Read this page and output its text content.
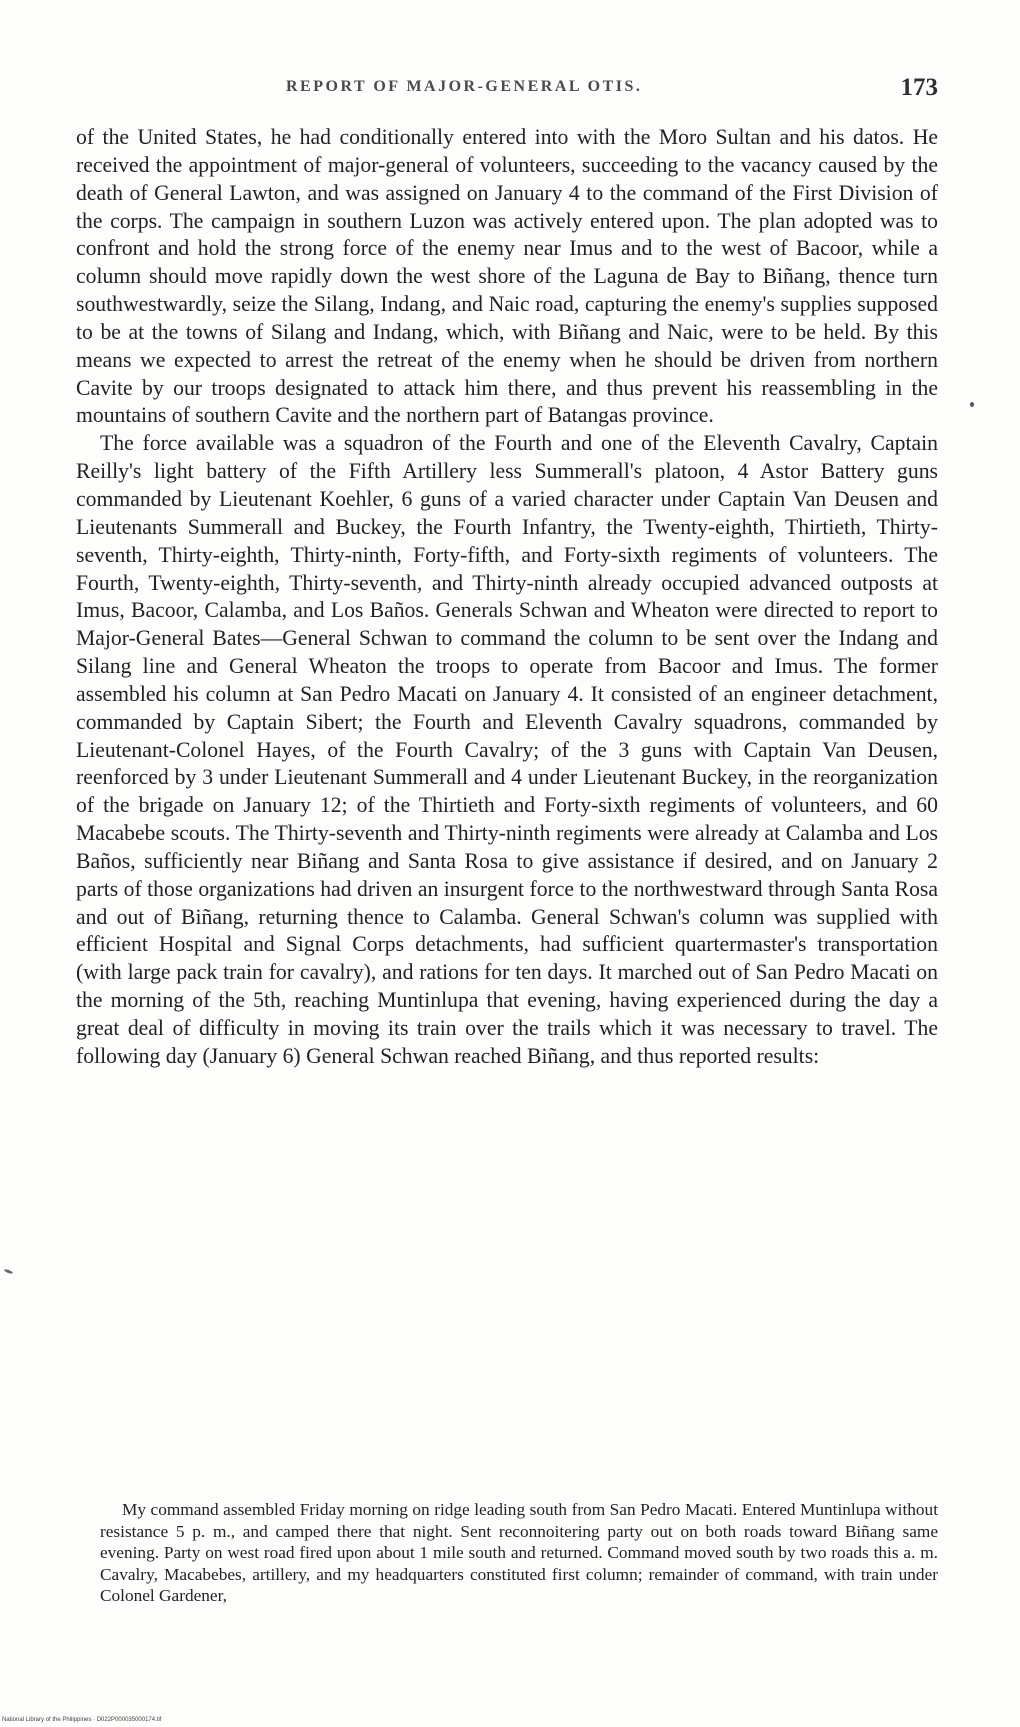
REPORT OF MAJOR-GENERAL OTIS.	173

of the United States, he had conditionally entered into with the Moro Sultan and his datos. He received the appointment of major-general of volunteers, succeeding to the vacancy caused by the death of General Lawton, and was assigned on January 4 to the command of the First Division of the corps. The campaign in southern Luzon was actively entered upon. The plan adopted was to confront and hold the strong force of the enemy near Imus and to the west of Bacoor, while a column should move rapidly down the west shore of the Laguna de Bay to Biñang, thence turn southwestwardly, seize the Silang, Indang, and Naic road, capturing the enemy's supplies supposed to be at the towns of Silang and Indang, which, with Biñang and Naic, were to be held. By this means we expected to arrest the retreat of the enemy when he should be driven from northern Cavite by our troops designated to attack him there, and thus prevent his reassembling in the mountains of southern Cavite and the northern part of Batangas province.

The force available was a squadron of the Fourth and one of the Eleventh Cavalry, Captain Reilly's light battery of the Fifth Artillery less Summerall's platoon, 4 Astor Battery guns commanded by Lieutenant Koehler, 6 guns of a varied character under Captain Van Deusen and Lieutenants Summerall and Buckey, the Fourth Infantry, the Twenty-eighth, Thirtieth, Thirty-seventh, Thirty-eighth, Thirty-ninth, Forty-fifth, and Forty-sixth regiments of volunteers. The Fourth, Twenty-eighth, Thirty-seventh, and Thirty-ninth already occupied advanced outposts at Imus, Bacoor, Calamba, and Los Baños. Generals Schwan and Wheaton were directed to report to Major-General Bates—General Schwan to command the column to be sent over the Indang and Silang line and General Wheaton the troops to operate from Bacoor and Imus. The former assembled his column at San Pedro Macati on January 4. It consisted of an engineer detachment, commanded by Captain Sibert; the Fourth and Eleventh Cavalry squadrons, commanded by Lieutenant-Colonel Hayes, of the Fourth Cavalry; of the 3 guns with Captain Van Deusen, reenforced by 3 under Lieutenant Summerall and 4 under Lieutenant Buckey, in the reorganization of the brigade on January 12; of the Thirtieth and Forty-sixth regiments of volunteers, and 60 Macabebe scouts. The Thirty-seventh and Thirty-ninth regiments were already at Calamba and Los Baños, sufficiently near Biñang and Santa Rosa to give assistance if desired, and on January 2 parts of those organizations had driven an insurgent force to the northwestward through Santa Rosa and out of Biñang, returning thence to Calamba. General Schwan's column was supplied with efficient Hospital and Signal Corps detachments, had sufficient quartermaster's transportation (with large pack train for cavalry), and rations for ten days. It marched out of San Pedro Macati on the morning of the 5th, reaching Muntinlupa that evening, having experienced during the day a great deal of difficulty in moving its train over the trails which it was necessary to travel. The following day (January 6) General Schwan reached Biñang, and thus reported results:

My command assembled Friday morning on ridge leading south from San Pedro Macati. Entered Muntinlupa without resistance 5 p. m., and camped there that night. Sent reconnoitering party out on both roads toward Biñang same evening. Party on west road fired upon about 1 mile south and returned. Command moved south by two roads this a. m. Cavalry, Macabebes, artillery, and my headquarters constituted first column; remainder of command, with train under Colonel Gardener,

National Library of the Philippines · D022P000035000174.tif
